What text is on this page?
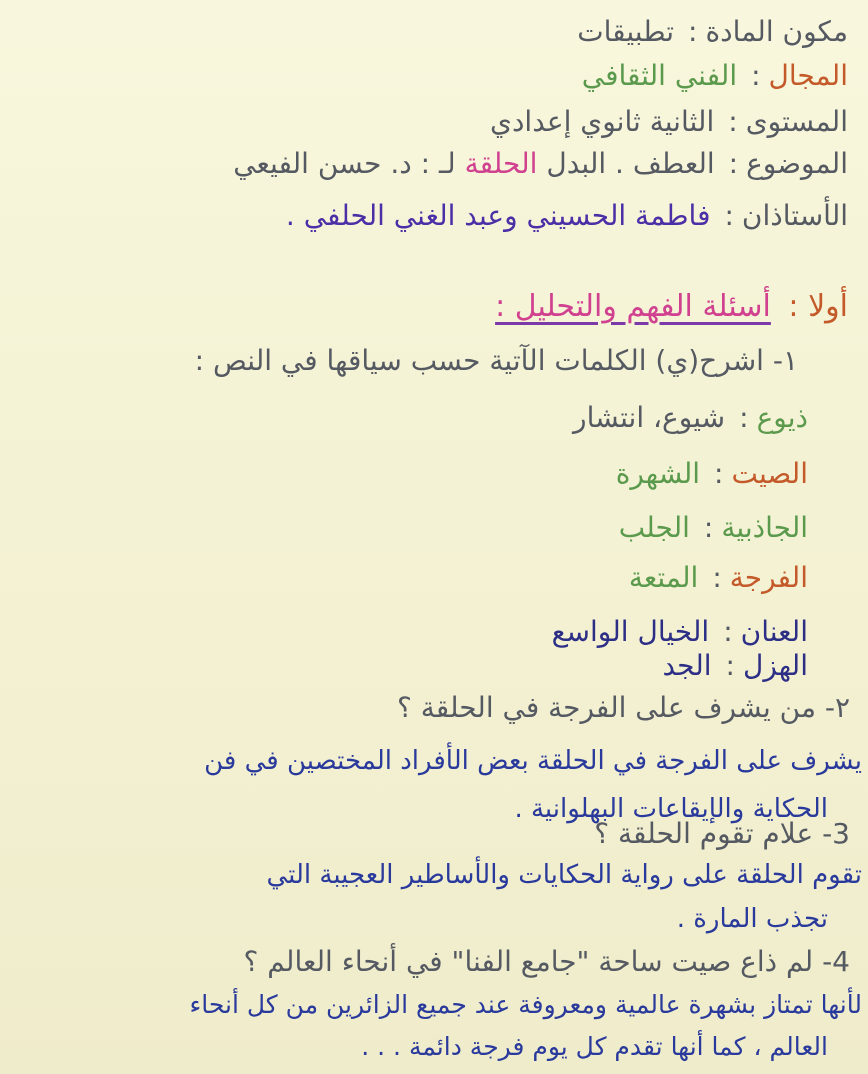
مكون المادة:تطبيقات
المجال:الفني الثقافي
المستوى:الثانية ثانوي إعدادي
الموضوع:العطف . البدل الحلقة لـ : د. حسن الفيعي
الأستاذان:فاطمة الحسيني وعبد الغني الحلفي .
أولا : أسئلة الفهم والتحليل :
١- اشرح(ي) الكلمات الآتية حسب سياقها في النص :
ذيوع:شيوع، انتشار
الصيت:الشهرة
الجاذبية:الجلب
الفرجة:المتعة
العنان:الخيال الواسع
الهزل:الجد
٢- من يشرف على الفرجة في الحلقة ؟
يشرف على الفرجة في الحلقة بعض الأفراد المختصين في فن
الحكاية والإيقاعات البهلوانية .
3- علام تقوم الحلقة ؟
تقوم الحلقة على رواية الحكايات والأساطير العجيبة التي
تجذب المارة .
4- لم ذاع صيت ساحة "جامع الفنا" في أنحاء العالم ؟
لأنها تمتاز بشهرة عالمية ومعروفة عند جميع الزائرين من كل أنحاء
العالم ، كما أنها تقدم كل يوم فرجة دائمة . . .
